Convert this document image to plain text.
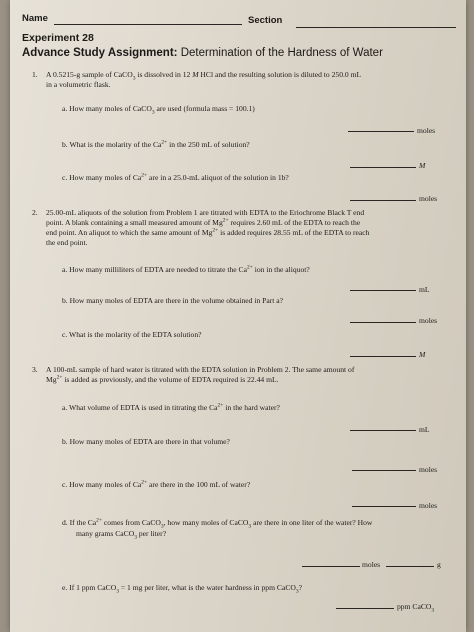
Name	Section
Experiment 28
Advance Study Assignment: Determination of the Hardness of Water
1. A 0.5215-g sample of CaCO$_3$ is dissolved in 12 M HCl and the resulting solution is diluted to 250.0 mL
in a volumetric flask.
a. How many moles of CaCO$_3$ are used (formula mass = 100.1)
moles
b. What is the molarity of the $Ca^{2+}$ in the 250 mL of solution?
M
c. How many moles of $Ca^{2+}$ are in a 25.0-mL aliquot of the solution in 1b?
moles
2. 25.00-mL aliquots of the solution from Problem 1 are titrated with EDTA to the Eriochrome Black T end
point. A blank containing a small measured amount of $Mg^{2+}$ requires 2.60 mL of the EDTA to reach the
end point. An aliquot to which the same amount of $Mg^{2+}$ is added requires 28.55 mL of the EDTA to reach
the end point.
a. How many milliliters of EDTA are needed to titrate the $Ca^{2+}$ ion in the aliquot?
mL
b. How many moles of EDTA are there in the volume obtained in Part a?
moles
c. What is the molarity of the EDTA solution?
M
3. A 100-mL sample of hard water is titrated with the EDTA solution in Problem 2. The same amount of
$Mg^{2+}$ is added as previously, and the volume of EDTA required is 22.44 mL.
a. What volume of EDTA is used in titrating the $Ca^{2+}$ in the hard water?
mL
b. How many moles of EDTA are there in that volume?
moles
c. How many moles of $Ca^{2+}$ are there in the 100 mL of water?
moles
d. If the $Ca^{2+}$ comes from CaCO$_3$, how many moles of CaCO$_3$ are there in one liter of the water? How
many grams CaCO$_3$ per liter?
moles	g
e. If 1 ppm CaCO$_3$ = 1 mg per liter, what is the water hardness in ppm CaCO$_3$?
ppm CaCO$_3$
